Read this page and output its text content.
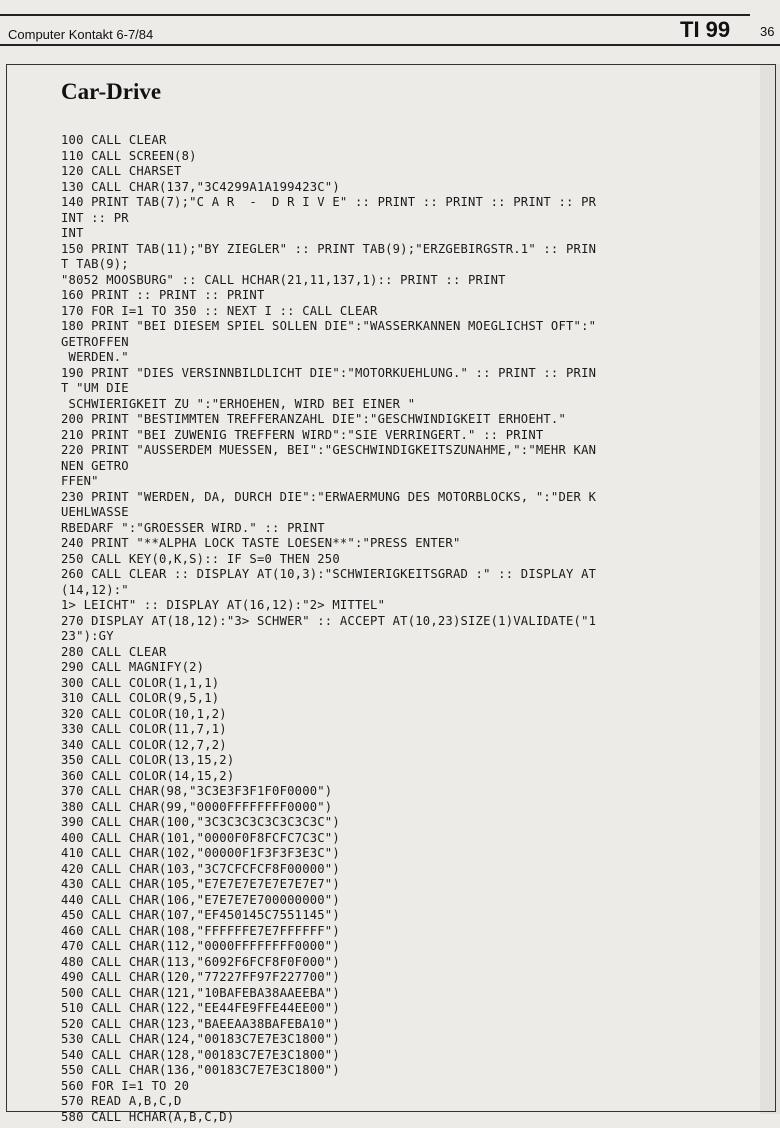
Computer Kontakt 6-7/84	TI 99 36
Car-Drive
100 CALL CLEAR
110 CALL SCREEN(8)
120 CALL CHARSET
130 CALL CHAR(137,"3C4299A1A199423C")
140 PRINT TAB(7);"C A R  -  D R I V E" :: PRINT :: PRINT :: PRINT :: PR
INT :: PR
INT
150 PRINT TAB(11);"BY ZIEGLER" :: PRINT TAB(9);"ERZGEBIRGSTR.1" :: PRIN
T TAB(9);
"8052 MOOSBURG" :: CALL HCHAR(21,11,137,1):: PRINT :: PRINT
160 PRINT :: PRINT :: PRINT
170 FOR I=1 TO 350 :: NEXT I :: CALL CLEAR
180 PRINT "BEI DIESEM SPIEL SOLLEN DIE":"WASSERKANNEN MOEGLICHST OFT":"
GETROFFEN
WERDEN."
190 PRINT "DIES VERSINNBILDLICHT DIE":"MOTORKUEHLUNG." :: PRINT :: PRIN
T "UM DIE
SCHWIERIGKEIT ZU ":"ERHOEHEN, WIRD BEI EINER "
200 PRINT "BESTIMMTEN TREFFERANZAHL DIE":"GESCHWINDIGKEIT ERHOEHT."
210 PRINT "BEI ZUWENIG TREFFERN WIRD":"SIE VERRINGERT." :: PRINT
220 PRINT "AUSSERDEM MUESSEN, BEI":"GESCHWINDIGKEITSZUNAHME,":"MEHR KAN
NEN GETRO
FFEN"
230 PRINT "WERDEN, DA, DURCH DIE":"ERWAERMUNG DES MOTORBLOCKS, ":"DER K
UEHLWASSE
RBEDARF ":"GROESSER WIRD." :: PRINT
240 PRINT "**ALPHA LOCK TASTE LOESEN**":"PRESS ENTER"
250 CALL KEY(0,K,S):: IF S=0 THEN 250
260 CALL CLEAR :: DISPLAY AT(10,3):"SCHWIERIGKEITSGRAD :" :: DISPLAY AT
(14,12):"
1> LEICHT" :: DISPLAY AT(16,12):"2> MITTEL"
270 DISPLAY AT(18,12):"3> SCHWER" :: ACCEPT AT(10,23)SIZE(1)VALIDATE("1
23"):GY
280 CALL CLEAR
290 CALL MAGNIFY(2)
300 CALL COLOR(1,1,1)
310 CALL COLOR(9,5,1)
320 CALL COLOR(10,1,2)
330 CALL COLOR(11,7,1)
340 CALL COLOR(12,7,2)
350 CALL COLOR(13,15,2)
360 CALL COLOR(14,15,2)
370 CALL CHAR(98,"3C3E3F3F1F0F0000")
380 CALL CHAR(99,"0000FFFFFFFF0000")
390 CALL CHAR(100,"3C3C3C3C3C3C3C3C")
400 CALL CHAR(101,"0000F0F8FCFC7C3C")
410 CALL CHAR(102,"00000F1F3F3F3E3C")
420 CALL CHAR(103,"3C7CFCFCF8F00000")
430 CALL CHAR(105,"E7E7E7E7E7E7E7E7")
440 CALL CHAR(106,"E7E7E7E700000000")
450 CALL CHAR(107,"EF450145C7551145")
460 CALL CHAR(108,"FFFFFFE7E7FFFFFF")
470 CALL CHAR(112,"0000FFFFFFFF0000")
480 CALL CHAR(113,"6092F6FCF8F0F000")
490 CALL CHAR(120,"77227FF97F227700")
500 CALL CHAR(121,"10BAFEBA38AAEEBA")
510 CALL CHAR(122,"EE44FE9FFE44EE00")
520 CALL CHAR(123,"BAEEAA38BAFEBA10")
530 CALL CHAR(124,"00183C7E7E3C1800")
540 CALL CHAR(128,"00183C7E7E3C1800")
550 CALL CHAR(136,"00183C7E7E3C1800")
560 FOR I=1 TO 20
570 READ A,B,C,D
580 CALL HCHAR(A,B,C,D)
